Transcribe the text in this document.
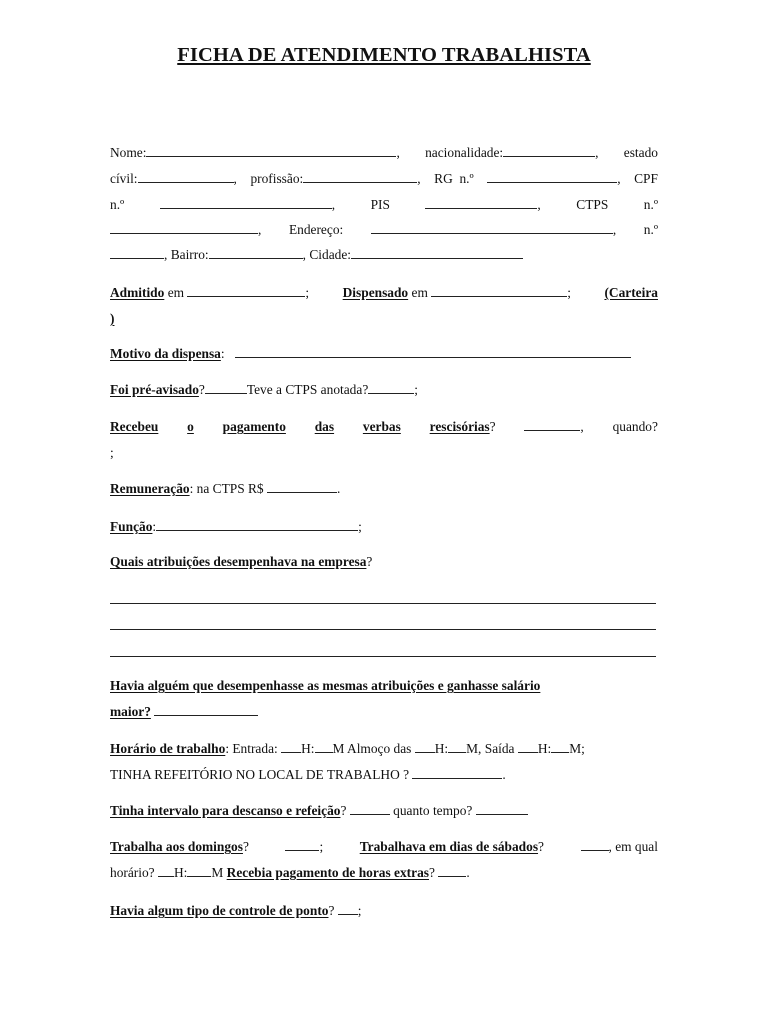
FICHA DE ATENDIMENTO TRABALHISTA
Nome:	, nacionalidade:	, estado
cívil:	, profissão:	, RG n.º	, CPF
n.º	,	PIS	,	CTPS	n.º
, Endereço:	, n.º
, Bairro:	, Cidade:
Admitido em	;	Dispensado em	;	(Carteira
)
Motivo da dispensa:
Foi pré-avisado?	Teve a CTPS anotada?	;
Recebeu o pagamento das verbas rescisórias?	, quando?
;
Remuneração: na CTPS R$	.
Função:	;
Quais atribuições desempenhava na empresa?
Havia alguém que desempenhasse as mesmas atribuições e ganhasse salário
maior?
Horário de trabalho: Entrada: H: M Almoço das H: M, Saída H: M;
TINHA REFEITÓRIO NO LOCAL DE TRABALHO ?	.
Tinha intervalo para descanso e refeição?	quanto tempo?
Trabalha aos domingos?	;	Trabalhava em dias de sábados?	, em qual
horário? H: M Recebia pagamento de horas extras? .
Havia algum tipo de controle de ponto? ;
